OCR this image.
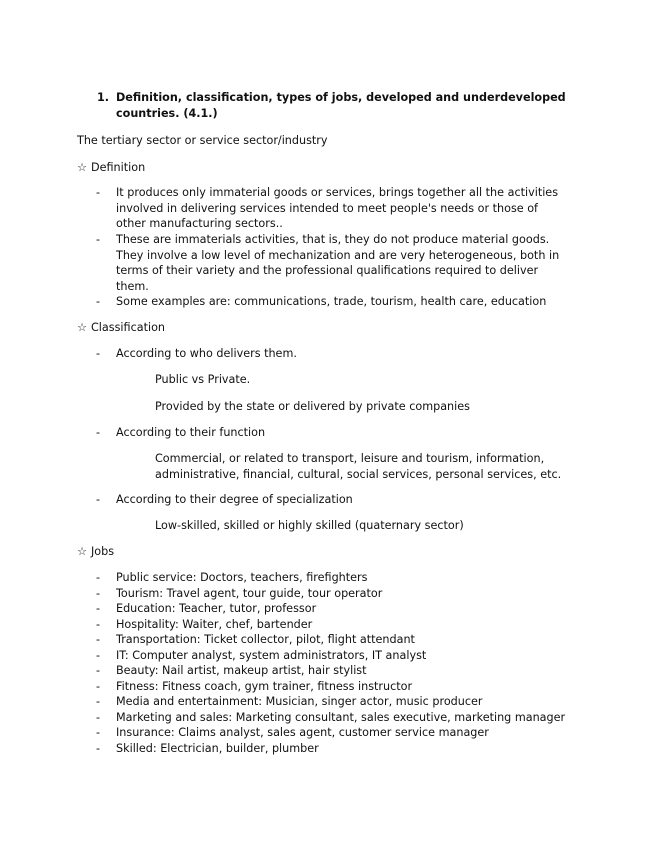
1. Definition, classification, types of jobs, developed and underdeveloped
countries. (4.1.)
The tertiary sector or service sector/industry
☆ Definition
☆ Classification
☆ Jobs
- It produces only immaterial goods or services, brings together all the activities
involved in delivering services intended to meet people's needs or those of
other manufacturing sectors..
- These are immaterials activities, that is, they do not produce material goods.
They involve a low level of mechanization and are very heterogeneous, both in
terms of their variety and the professional qualifications required to deliver
them.
- Some examples are: communications, trade, tourism, health care, education
- According to who delivers them.
Public vs Private.
Provided by the state or delivered by private companies
- According to their function
Commercial, or related to transport, leisure and tourism, information,
administrative, financial, cultural, social services, personal services, etc.
- According to their degree of specialization
Low-skilled, skilled or highly skilled (quaternary sector)
- Public service: Doctors, teachers, firefighters
- Tourism: Travel agent, tour guide, tour operator
- Education: Teacher, tutor, professor
- Hospitality: Waiter, chef, bartender
- Transportation: Ticket collector, pilot, flight attendant
- IT: Computer analyst, system administrators, IT analyst
- Beauty: Nail artist, makeup artist, hair stylist
- Fitness: Fitness coach, gym trainer, fitness instructor
- Media and entertainment: Musician, singer actor, music producer
- Marketing and sales: Marketing consultant, sales executive, marketing manager
- Insurance: Claims analyst, sales agent, customer service manager
- Skilled: Electrician, builder, plumber
